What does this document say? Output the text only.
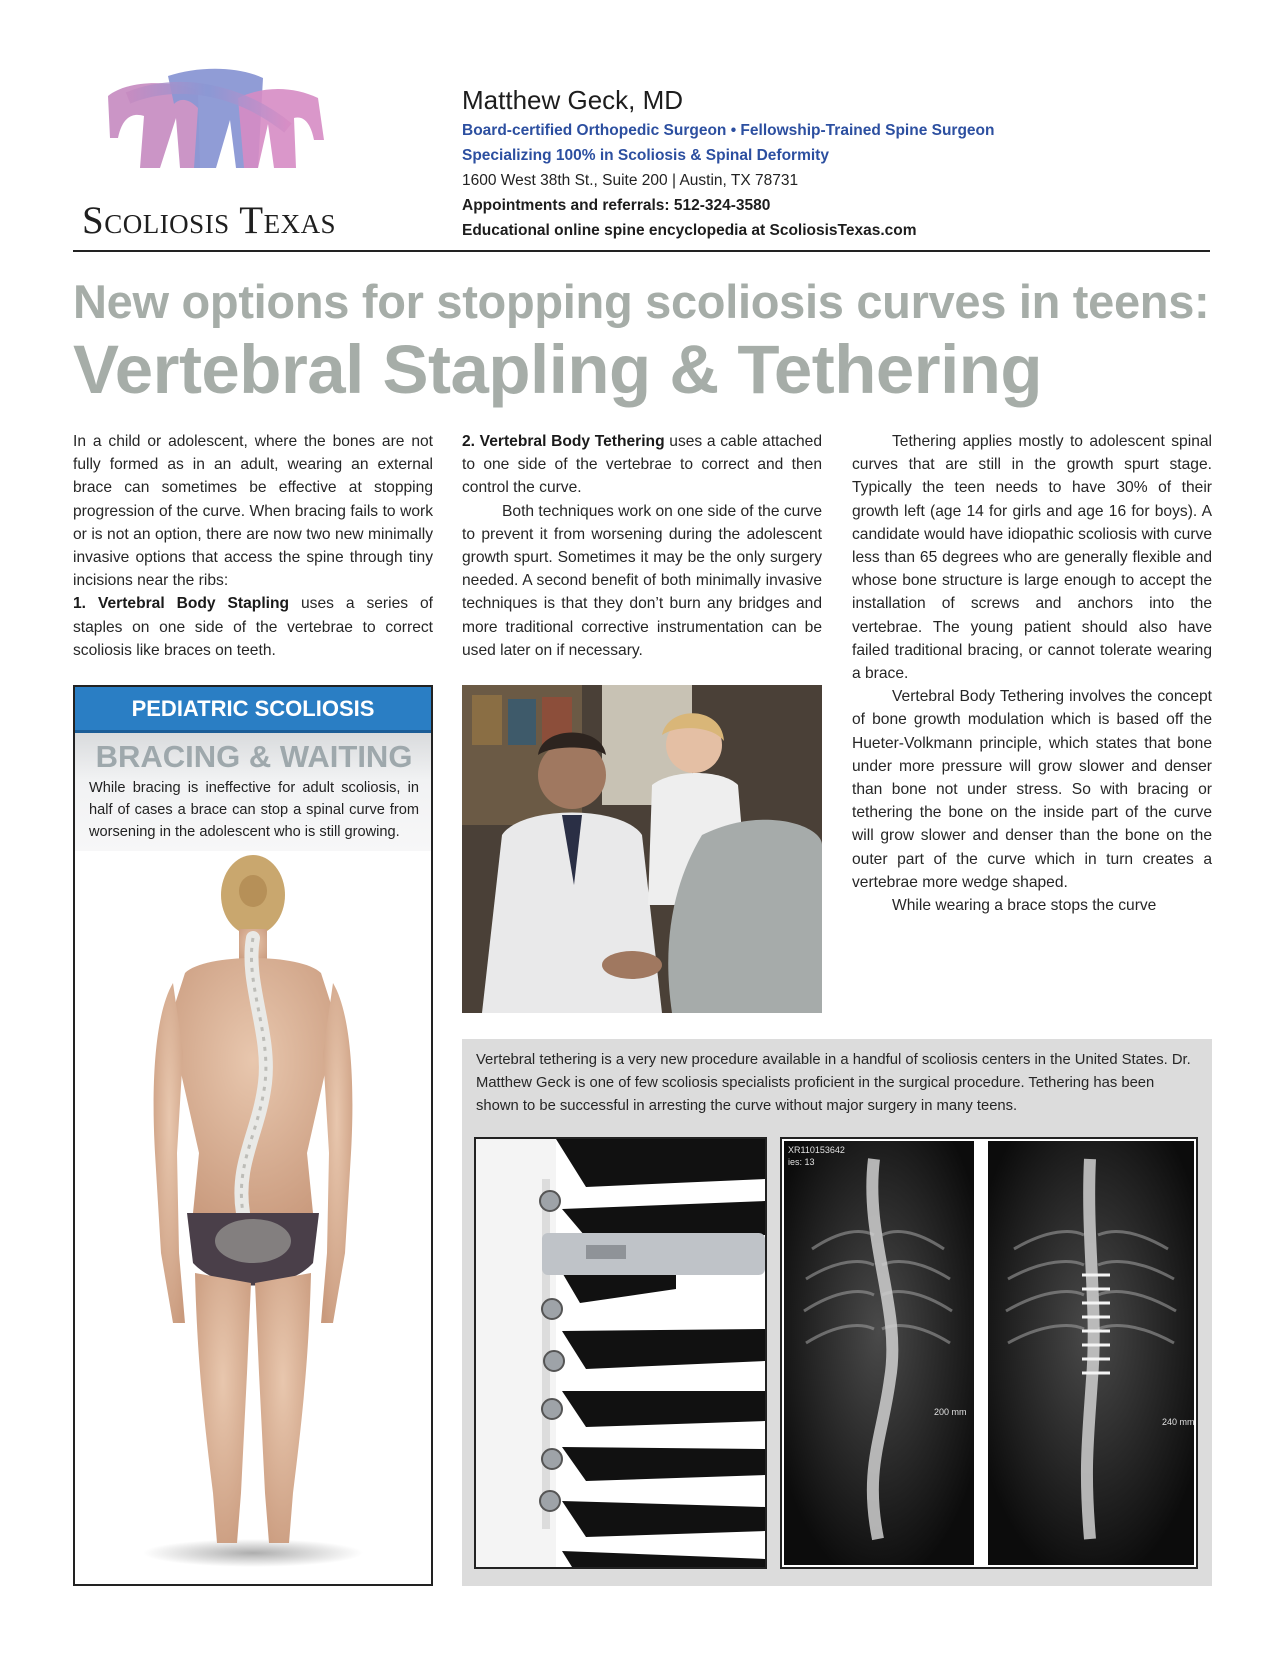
Scoliosis Texas
Matthew Geck, MD
Board-certified Orthopedic Surgeon • Fellowship-Trained Spine Surgeon
Specializing 100% in Scoliosis & Spinal Deformity
1600 West 38th St., Suite 200 | Austin, TX 78731
Appointments and referrals: 512-324-3580
Educational online spine encyclopedia at ScoliosisTexas.com
New options for stopping scoliosis curves in teens:
Vertebral Stapling & Tethering

In a child or adolescent, where the bones are not fully formed as in an adult, wearing an external brace can sometimes be effective at stopping progression of the curve. When bracing fails to work or is not an option, there are now two new minimally invasive options that access the spine through tiny incisions near the ribs:

1. Vertebral Body Stapling uses a series of staples on one side of the vertebrae to correct scoliosis like braces on teeth.

2. Vertebral Body Tethering uses a cable attached to one side of the vertebrae to correct and then control the curve.

Both techniques work on one side of the curve to prevent it from worsening during the adolescent growth spurt. Sometimes it may be the only surgery needed. A second benefit of both minimally invasive techniques is that they don’t burn any bridges and more traditional corrective instrumentation can be used later on if necessary.

Tethering applies mostly to adolescent spinal curves that are still in the growth spurt stage. Typically the teen needs to have 30% of their growth left (age 14 for girls and age 16 for boys). A candidate would have idiopathic scoliosis with curve less than 65 degrees who are generally flexible and whose bone structure is large enough to accept the installation of screws and anchors into the vertebrae. The young patient should also have failed traditional bracing, or cannot tolerate wearing a brace.

Vertebral Body Tethering involves the concept of bone growth modulation which is based off the Hueter-Volkmann principle, which states that bone under more pressure will grow slower and denser than bone not under stress. So with bracing or tethering the bone on the inside part of the curve will grow slower and denser than the bone on the outer part of the curve which in turn creates a vertebrae more wedge shaped.

While wearing a brace stops the curve

PEDIATRIC SCOLIOSIS
BRACING & WAITING
While bracing is ineffective for adult scoliosis, in half of cases a brace can stop a spinal curve from worsening in the adolescent who is still growing.
Vertebral tethering is a very new procedure available in a handful of scoliosis centers in the United States. Dr. Matthew Geck is one of few scoliosis specialists proficient in the surgical procedure. Tethering has been shown to be successful in arresting the curve without major surgery in many teens.
XR110153642
ies: 13
200 mm
240 mm
